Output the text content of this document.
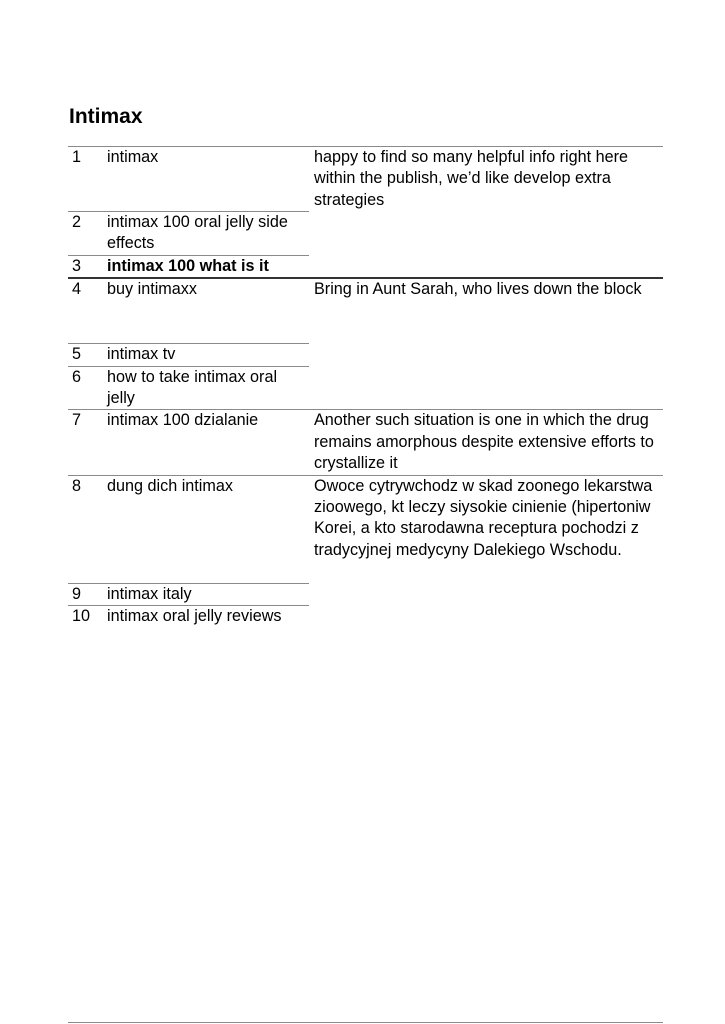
Intimax
1	intimax	happy to find so many helpful info right here within the publish, we’d like develop extra strategies
2	intimax 100 oral jelly side effects	
3	intimax 100 what is it	
4	buy intimaxx	Bring in Aunt Sarah, who lives down the block
5	intimax tv	
6	how to take intimax oral jelly	
7	intimax 100 dzialanie	Another such situation is one in which the drug remains amorphous despite extensive efforts to crystallize it
8	dung dich intimax	Owoce cytrywchodz w skad zoonego lekarstwa zioowego, kt leczy siysokie cinienie (hipertoniw Korei, a kto starodawna receptura pochodzi z tradycyjnej medycyny Dalekiego Wschodu.
9	intimax italy	
10	intimax oral jelly reviews	
